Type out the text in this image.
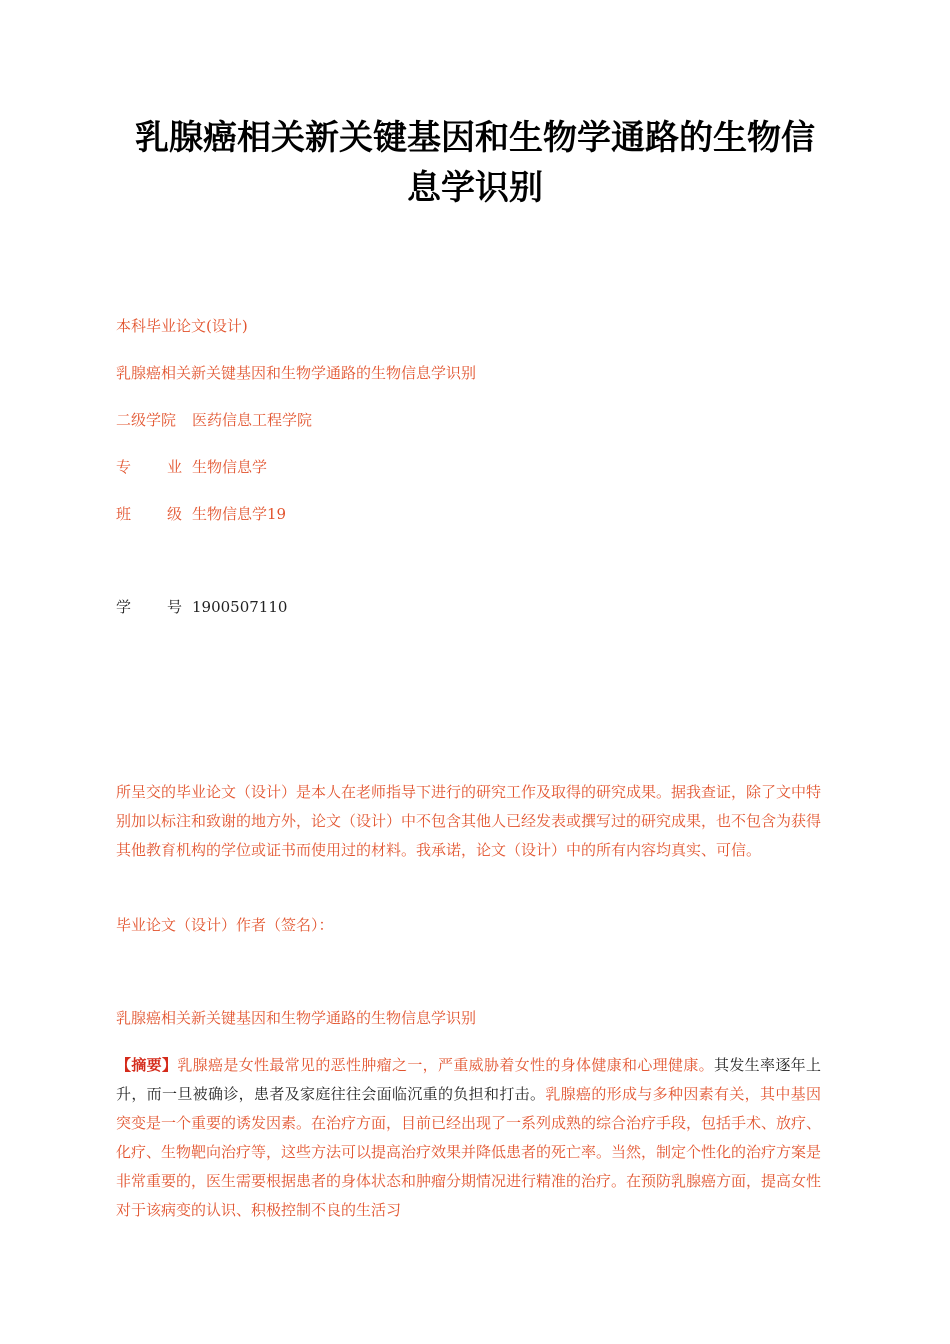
乳腺癌相关新关键基因和生物学通路的生物信
息学识别
本科毕业论文(设计)
乳腺癌相关新关键基因和生物学通路的生物信息学识别
二级学院 医药信息工程学院
专 业 生物信息学
班 级 生物信息学19
学 号 1900507110

所呈交的毕业论文（设计）是本人在老师指导下进行的研究工作及取得的研究成果。据我查证，除了文中特别加以标注和致谢的地方外，论文（设计）中不包含其他人已经发表或撰写过的研究成果，也不包含为获得其他教育机构的学位或证书而使用过的材料。我承诺，论文（设计）中的所有内容均真实、可信。

毕业论文（设计）作者（签名）：
乳腺癌相关新关键基因和生物学通路的生物信息学识别

【摘要】乳腺癌是女性最常见的恶性肿瘤之一，严重威胁着女性的身体健康和心理健康。其发生率逐年上升，而一旦被确诊，患者及家庭往往会面临沉重的负担和打击。乳腺癌的形成与多种因素有关，其中基因突变是一个重要的诱发因素。在治疗方面，目前已经出现了一系列成熟的综合治疗手段，包括手术、放疗、化疗、生物靶向治疗等，这些方法可以提高治疗效果并降低患者的死亡率。当然，制定个性化的治疗方案是非常重要的，医生需要根据患者的身体状态和肿瘤分期情况进行精准的治疗。在预防乳腺癌方面，提高女性对于该病变的认识、积极控制不良的生活习
